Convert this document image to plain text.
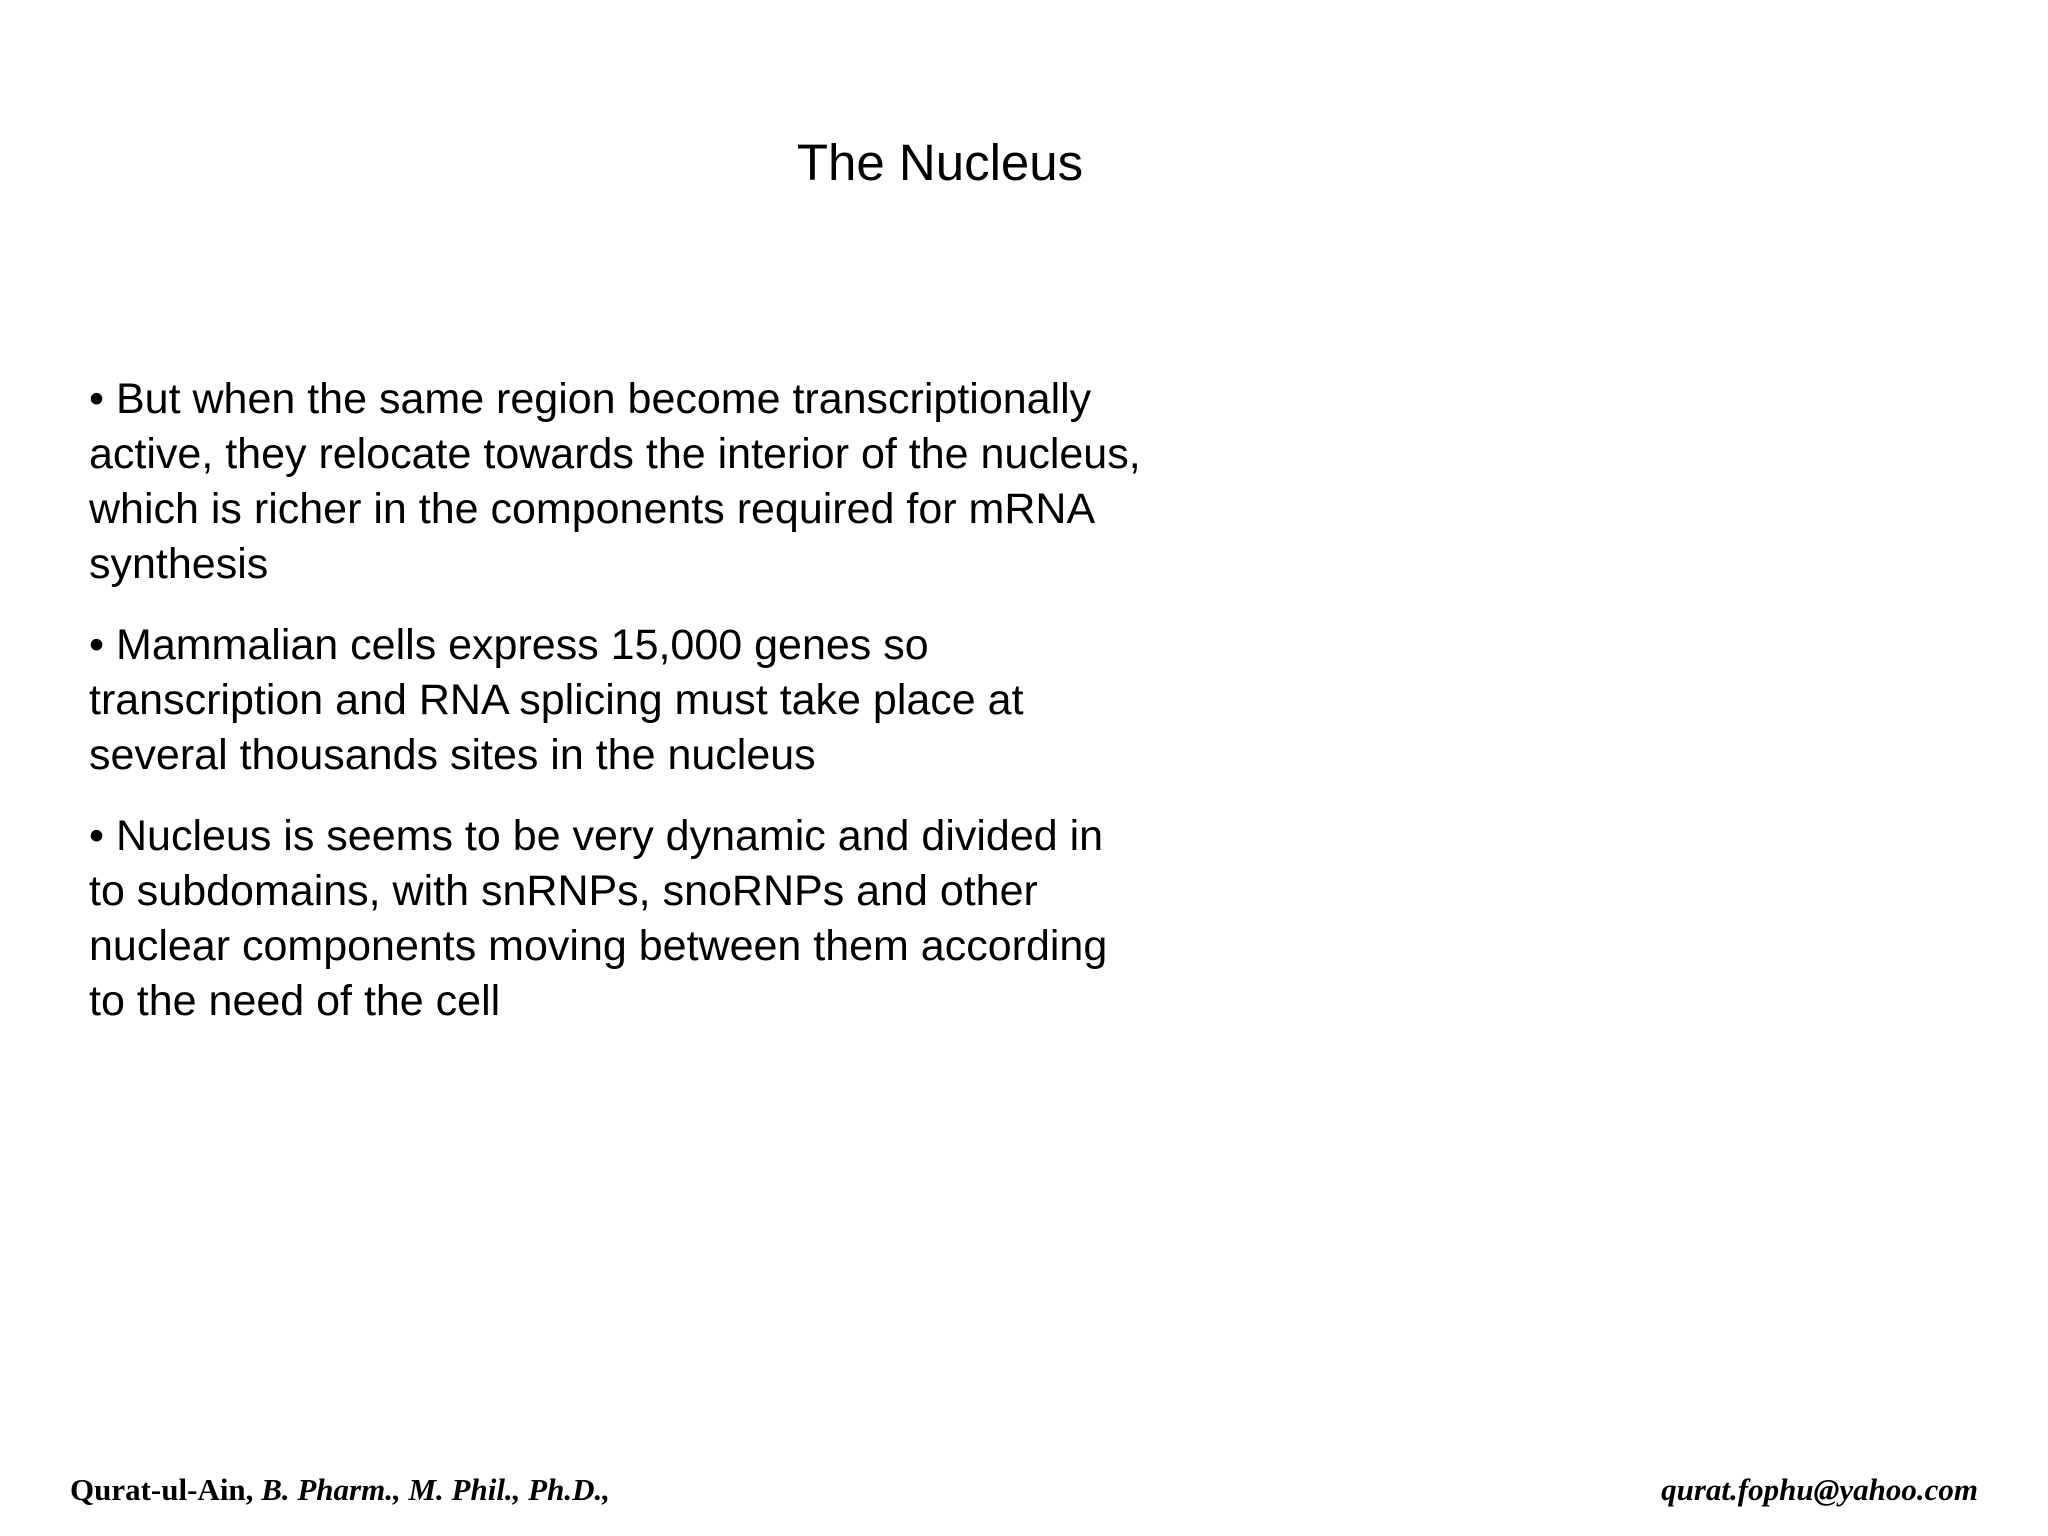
The Nucleus
• But when the same region become transcriptionally active, they relocate towards the interior of the nucleus, which is richer in the components required for mRNA synthesis
• Mammalian cells express 15,000 genes so transcription and RNA splicing must take place at several thousands sites in the nucleus
• Nucleus is seems to be very dynamic and divided in to subdomains, with snRNPs, snoRNPs and other nuclear components moving between them according to the need of the cell
Qurat-ul-Ain, B. Pharm., M. Phil., Ph.D.,	qurat.fophu@yahoo.com
